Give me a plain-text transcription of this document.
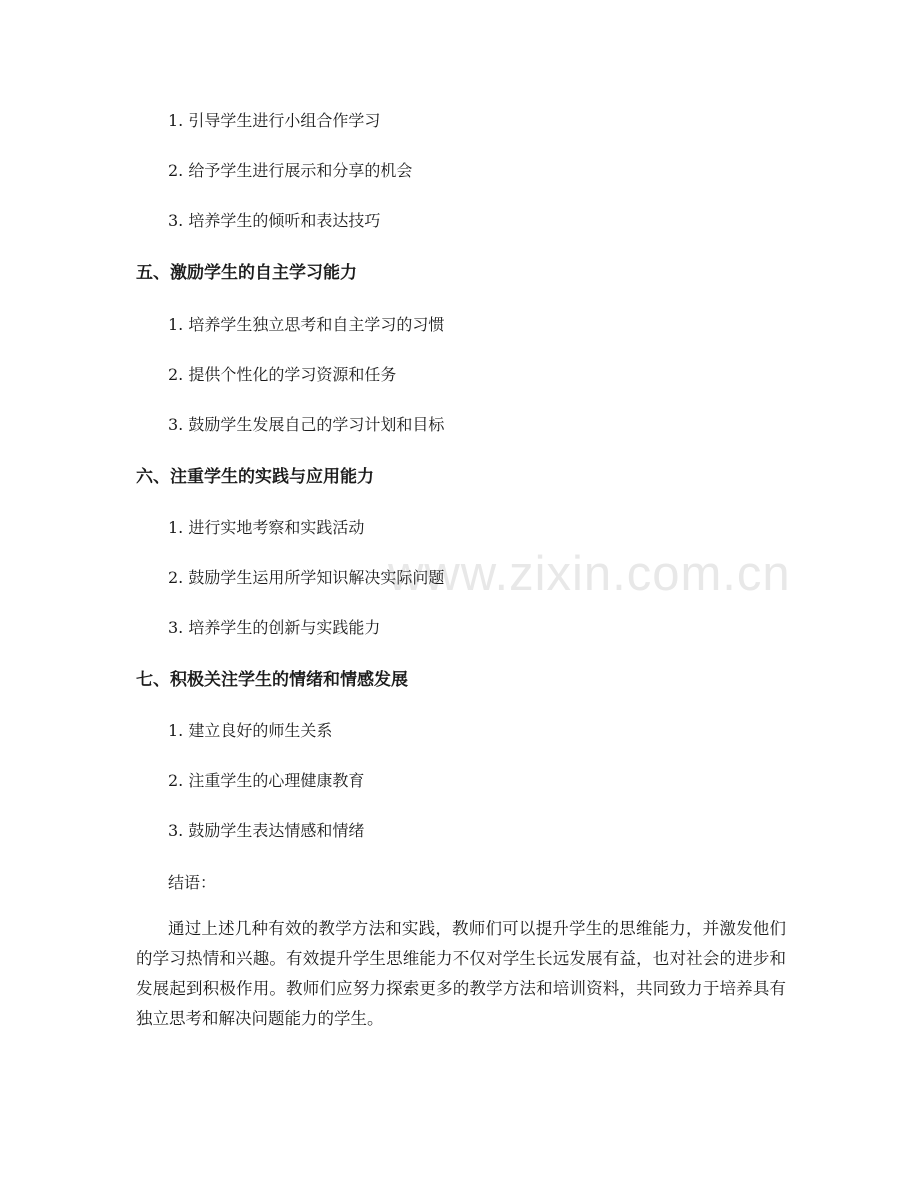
www.zixin.com.cn
1. 引导学生进行小组合作学习
2. 给予学生进行展示和分享的机会
3. 培养学生的倾听和表达技巧
五、激励学生的自主学习能力
1. 培养学生独立思考和自主学习的习惯
2. 提供个性化的学习资源和任务
3. 鼓励学生发展自己的学习计划和目标
六、注重学生的实践与应用能力
1. 进行实地考察和实践活动
2. 鼓励学生运用所学知识解决实际问题
3. 培养学生的创新与实践能力
七、积极关注学生的情绪和情感发展
1. 建立良好的师生关系
2. 注重学生的心理健康教育
3. 鼓励学生表达情感和情绪
结语：
通过上述几种有效的教学方法和实践，教师们可以提升学生的思维能力，并激发他们的学习热情和兴趣。有效提升学生思维能力不仅对学生长远发展有益，也对社会的进步和发展起到积极作用。教师们应努力探索更多的教学方法和培训资料，共同致力于培养具有独立思考和解决问题能力的学生。
